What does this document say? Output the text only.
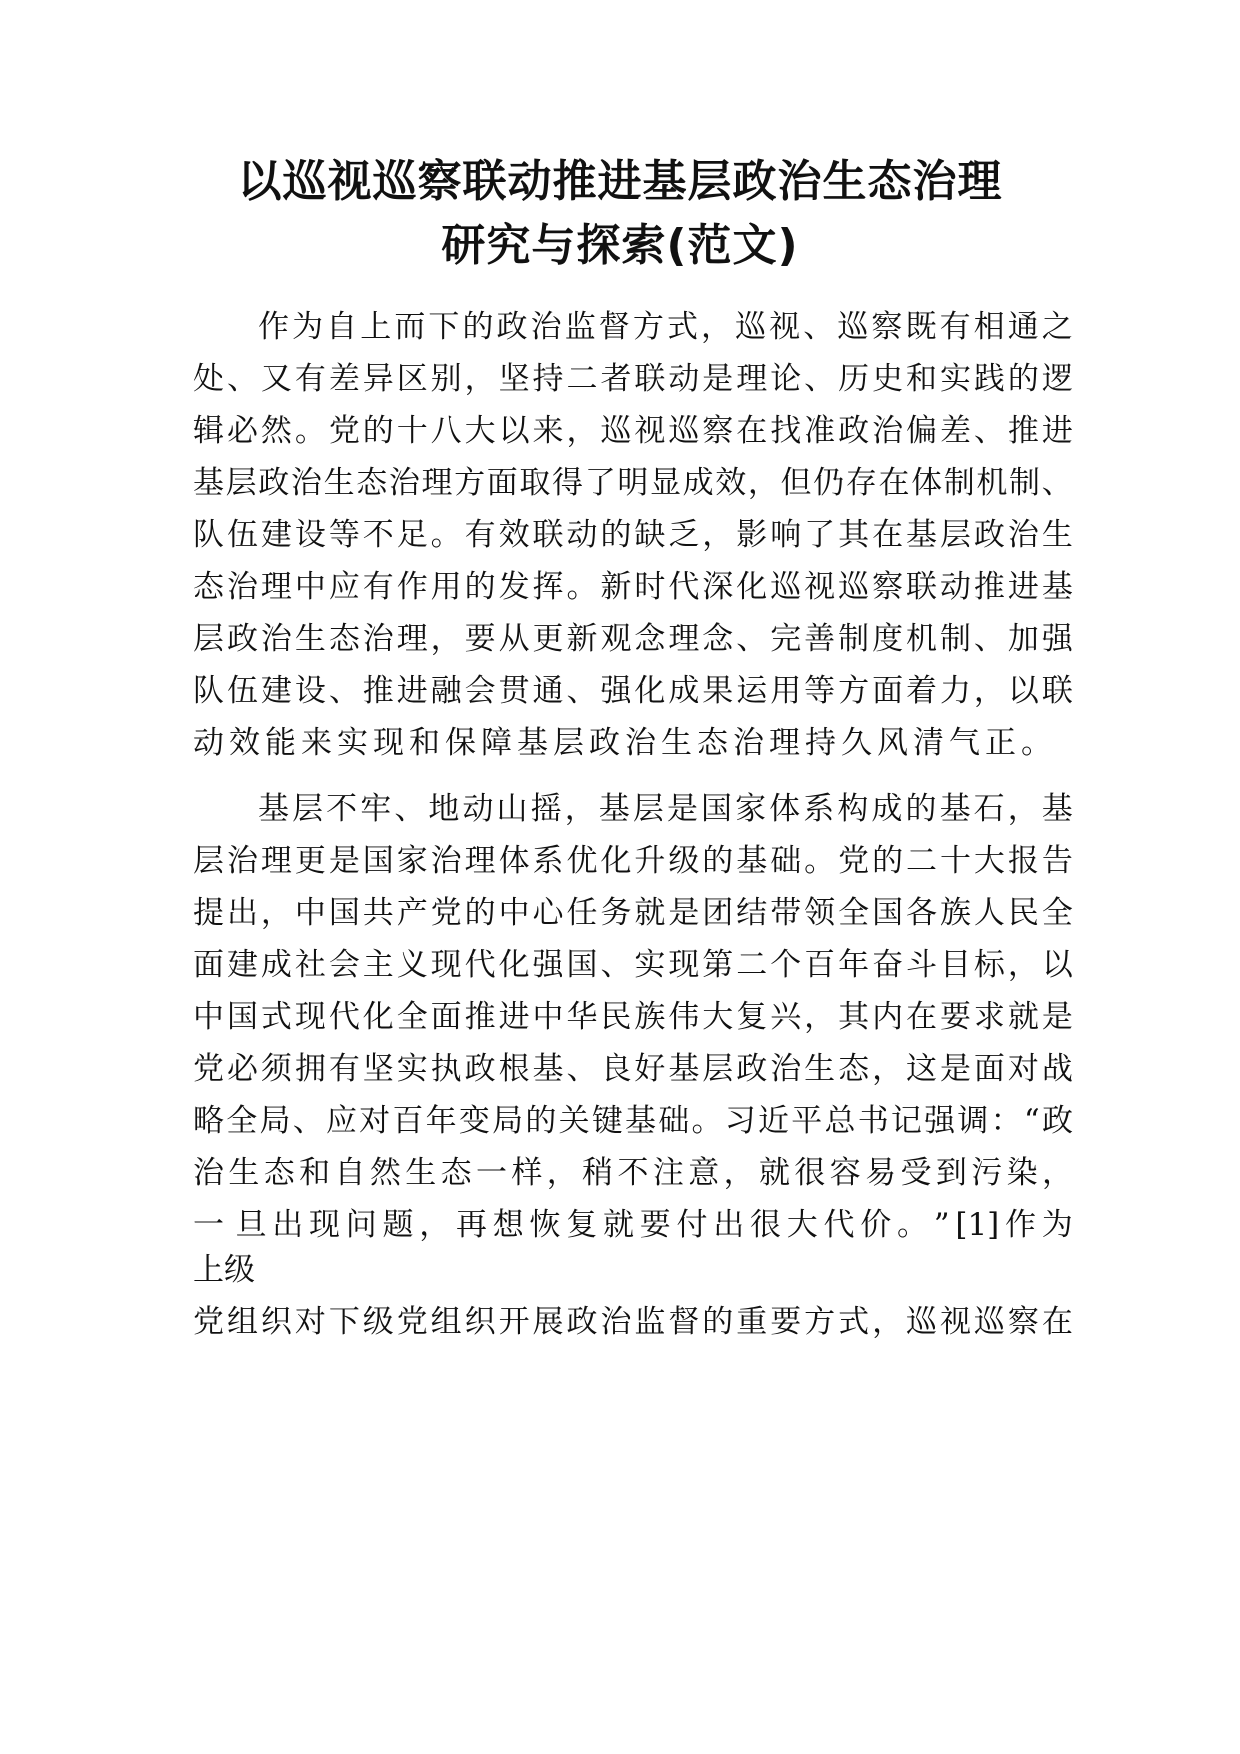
以巡视巡察联动推进基层政治生态治理
研究与探索(范文)
作 为 自 上 而 下 的 政 治 监 督 方 式 ， 巡 视 、 巡 察 既 有 相 通 之
处 、 又 有 差 异 区 别 ， 坚 持 二 者 联 动 是 理 论 、 历 史 和 实 践 的 逻
辑 必 然 。 党 的 十 八 大 以 来 ， 巡 视 巡 察 在 找 准 政 治 偏 差 、 推 进
基 层 政 治 生 态 治 理 方 面 取 得 了 明 显 成 效 ， 但 仍 存 在 体 制 机 制 、
队 伍 建 设 等 不 足 。 有 效 联 动 的 缺 乏 ， 影 响 了 其 在 基 层 政 治 生
态 治 理 中 应 有 作 用 的 发 挥 。 新 时 代 深 化 巡 视 巡 察 联 动 推 进 基
层 政 治 生 态 治 理 ， 要 从 更 新 观 念 理 念 、 完 善 制 度 机 制 、 加 强
队 伍 建 设 、 推 进 融 会 贯 通 、 强 化 成 果 运 用 等 方 面 着 力 ， 以 联
动效能来实现和保障基层政治生态治理持久风清气正。
基 层 不 牢 、 地 动 山 摇 ， 基 层 是 国 家 体 系 构 成 的 基 石 ， 基
层 治 理 更 是 国 家 治 理 体 系 优 化 升 级 的 基 础 。 党 的 二 十 大 报 告
提 出 ， 中 国 共 产 党 的 中 心 任 务 就 是 团 结 带 领 全 国 各 族 人 民 全
面 建 成 社 会 主 义 现 代 化 强 国 、 实 现 第 二 个 百 年 奋 斗 目 标 ， 以
中 国 式 现 代 化 全 面 推 进 中 华 民 族 伟 大 复 兴 ， 其 内 在 要 求 就 是
党 必 须 拥 有 坚 实 执 政 根 基 、 良 好 基 层 政 治 生 态 ， 这 是 面 对 战
略 全 局 、 应 对 百 年 变 局 的 关 键 基 础 。 习 近 平 总 书 记 强 调 ： “ 政
治 生 态 和 自 然 生 态 一 样 ， 稍 不 注 意 ， 就 很 容 易 受 到 污 染 ，
一 旦 出 现 问 题 ， 再 想 恢 复 就 要 付 出 很 大 代 价 。 ” [1] 作 为
上级
党 组 织 对 下 级 党 组 织 开 展 政 治 监 督 的 重 要 方 式 ， 巡 视 巡 察 在
